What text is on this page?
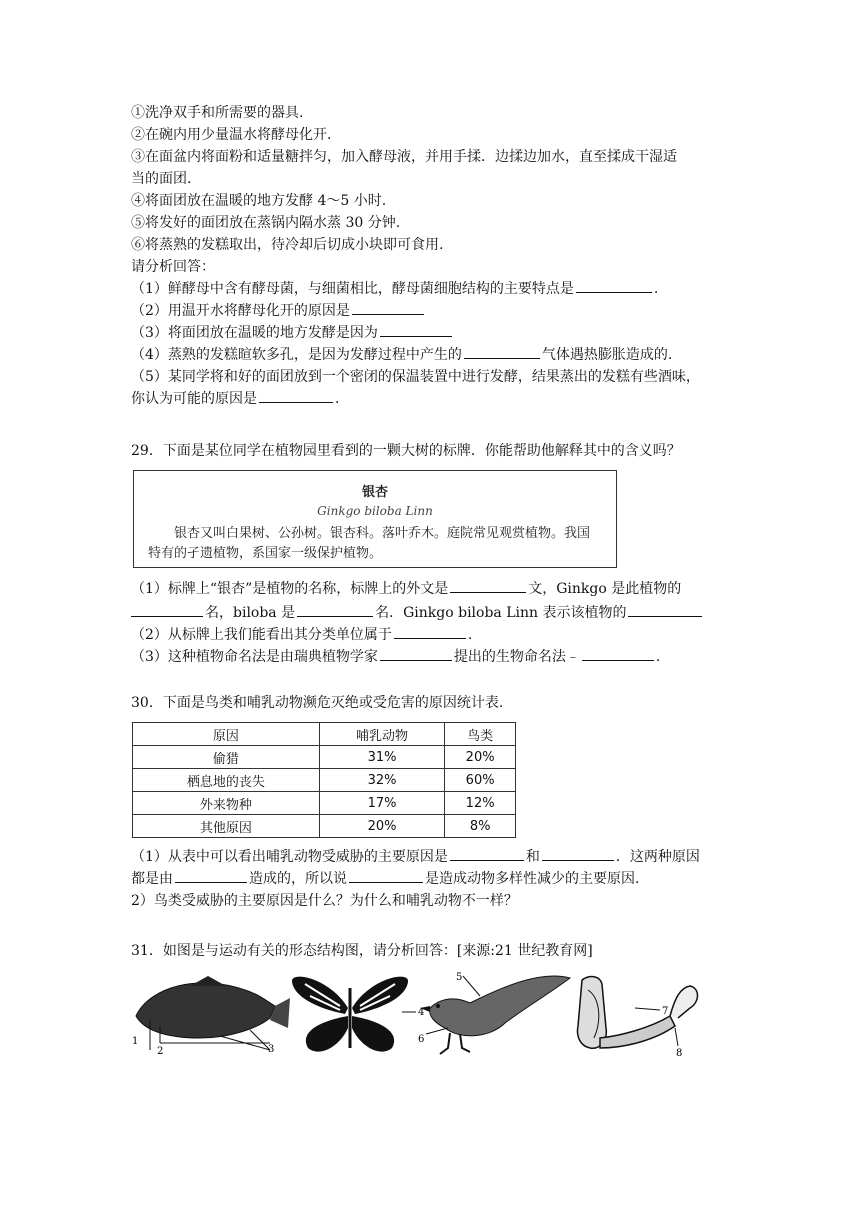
①洗净双手和所需要的器具.
②在碗内用少量温水将酵母化开.
③在面盆内将面粉和适量糖拌匀，加入酵母液，并用手揉．边揉边加水，直至揉成干湿适
当的面团.
④将面团放在温暖的地方发酵 4～5 小时.
⑤将发好的面团放在蒸锅内隔水蒸 30 分钟.
⑥将蒸熟的发糕取出，待冷却后切成小块即可食用.
请分析回答：
（1）鲜酵母中含有酵母菌，与细菌相比，酵母菌细胞结构的主要特点是	.
（2）用温开水将酵母化开的原因是
（3）将面团放在温暖的地方发酵是因为
（4）蒸熟的发糕暄软多孔，是因为发酵过程中产生的	气体遇热膨胀造成的.
（5）某同学将和好的面团放到一个密闭的保温装置中进行发酵，结果蒸出的发糕有些酒味，
你认为可能的原因是	.
29．下面是某位同学在植物园里看到的一颗大树的标牌．你能帮助他解释其中的含义吗？
银杏
Ginkgo biloba Linn
银杏又叫白果树、公孙树。银杏科。落叶乔木。庭院常见观赏植物。我国特有的孑遗植物，系国家一级保护植物。
（1）标牌上“银杏”是植物的名称，标牌上的外文是	文，Ginkgo 是此植物的
名，biloba 是	名．Ginkgo biloba Linn 表示该植物的
（2）从标牌上我们能看出其分类单位属于	.
（3）这种植物命名法是由瑞典植物学家	提出的生物命名法﹣	.
30．下面是鸟类和哺乳动物濒危灭绝或受危害的原因统计表.
原因	哺乳动物	鸟类
偷猎	31%	20%
栖息地的丧失	32%	60%
外来物种	17%	12%
其他原因	20%	8%
（1）从表中可以看出哺乳动物受威胁的主要原因是	和	．这两种原因
都是由	造成的，所以说	是造成动物多样性减少的主要原因.
2）鸟类受威胁的主要原因是什么？为什么和哺乳动物不一样？
31．如图是与运动有关的形态结构图，请分析回答：[来源:21 世纪教育网]
1
2	3
4
5
6
7
8
